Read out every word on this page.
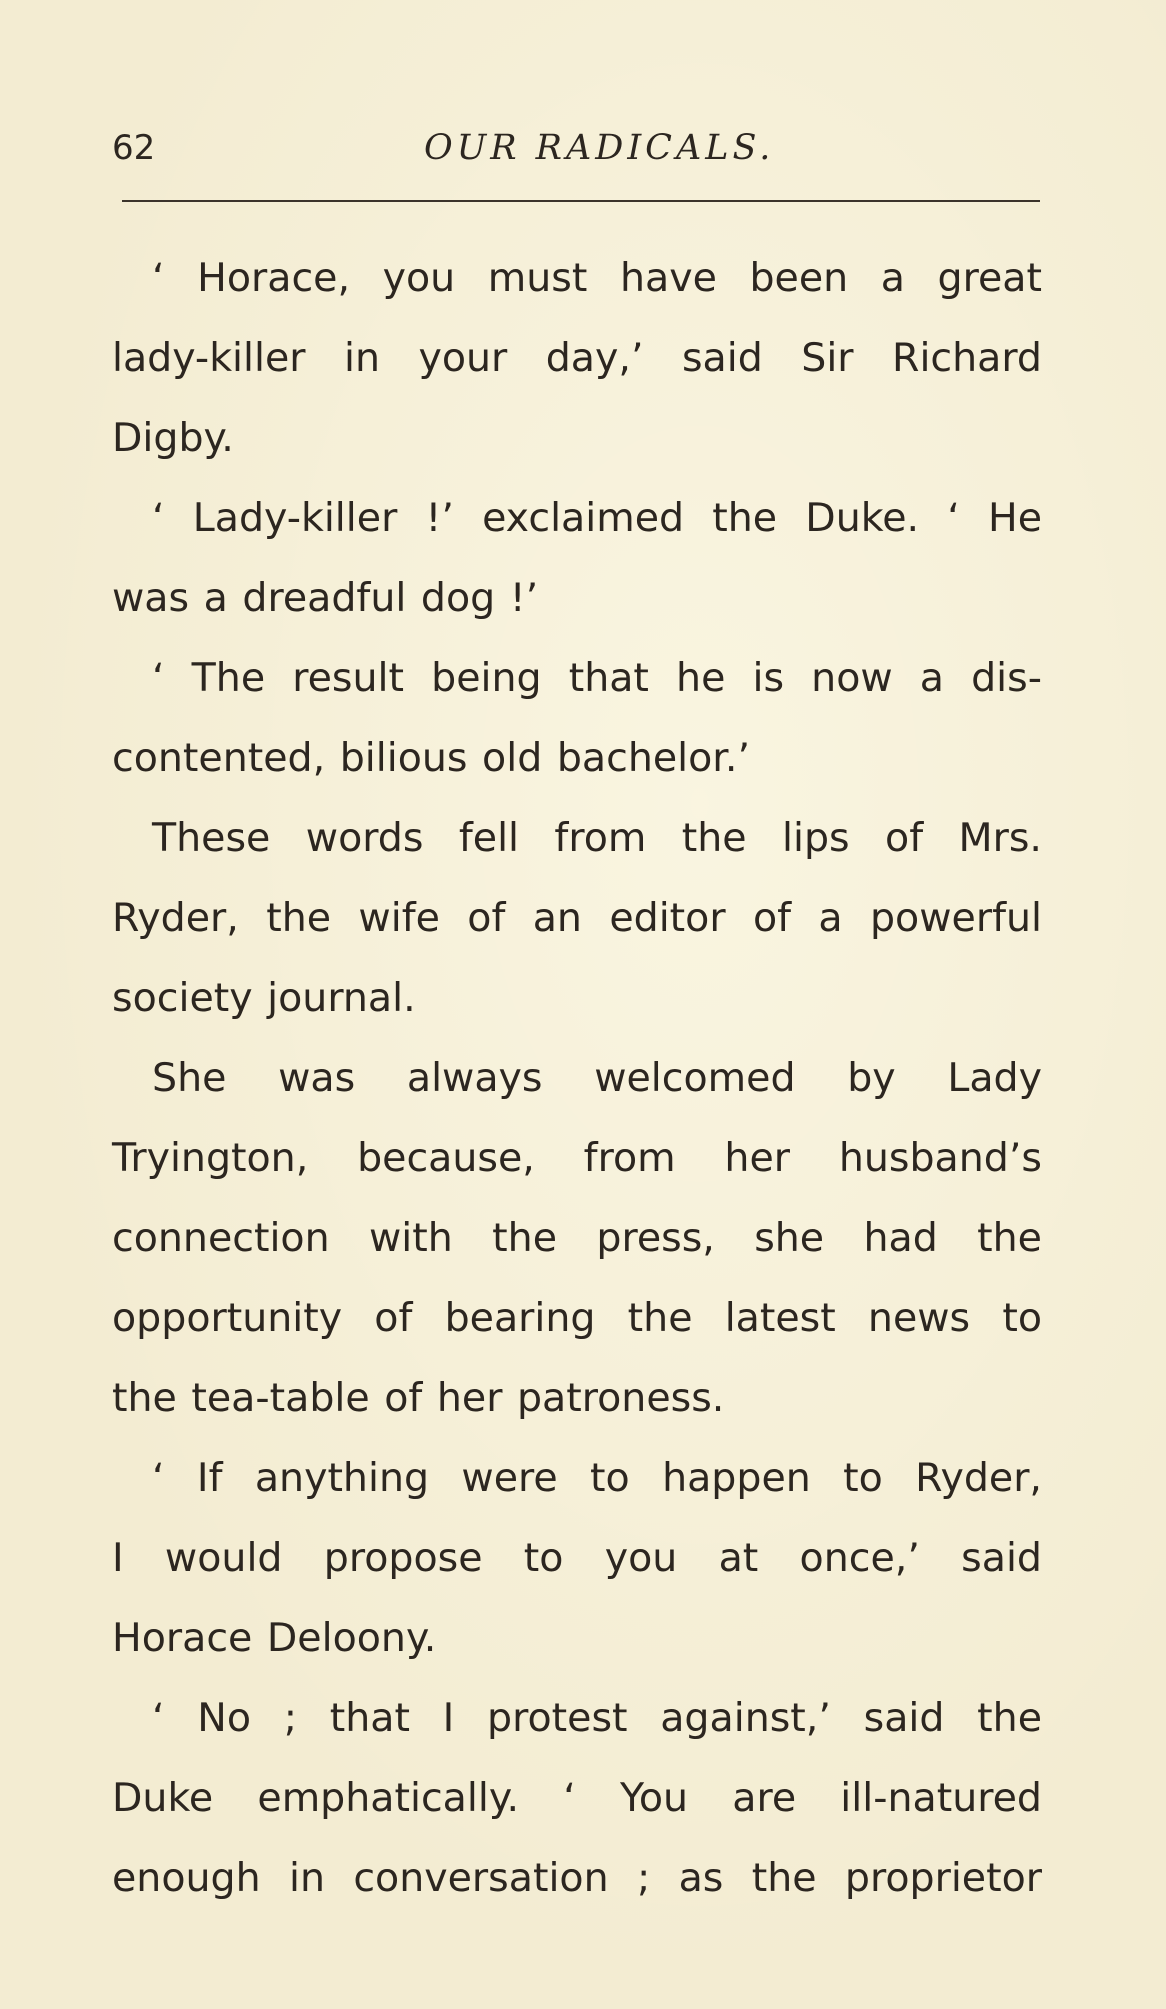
62	OUR RADICALS.
‘ Horace, you must have been a great
lady-killer in your day,’ said Sir Richard
Digby.
‘ Lady-killer !’ exclaimed the Duke. ‘ He
was a dreadful dog !’
‘ The result being that he is now a dis-
contented, bilious old bachelor.’
These words fell from the lips of Mrs.
Ryder, the wife of an editor of a powerful
society journal.
She was always welcomed by Lady
Tryington, because, from her husband’s
connection with the press, she had the
opportunity of bearing the latest news to
the tea-table of her patroness.
‘ If anything were to happen to Ryder,
I would propose to you at once,’ said
Horace Deloony.
‘ No ; that I protest against,’ said the
Duke emphatically. ‘ You are ill-natured
enough in conversation ; as the proprietor
